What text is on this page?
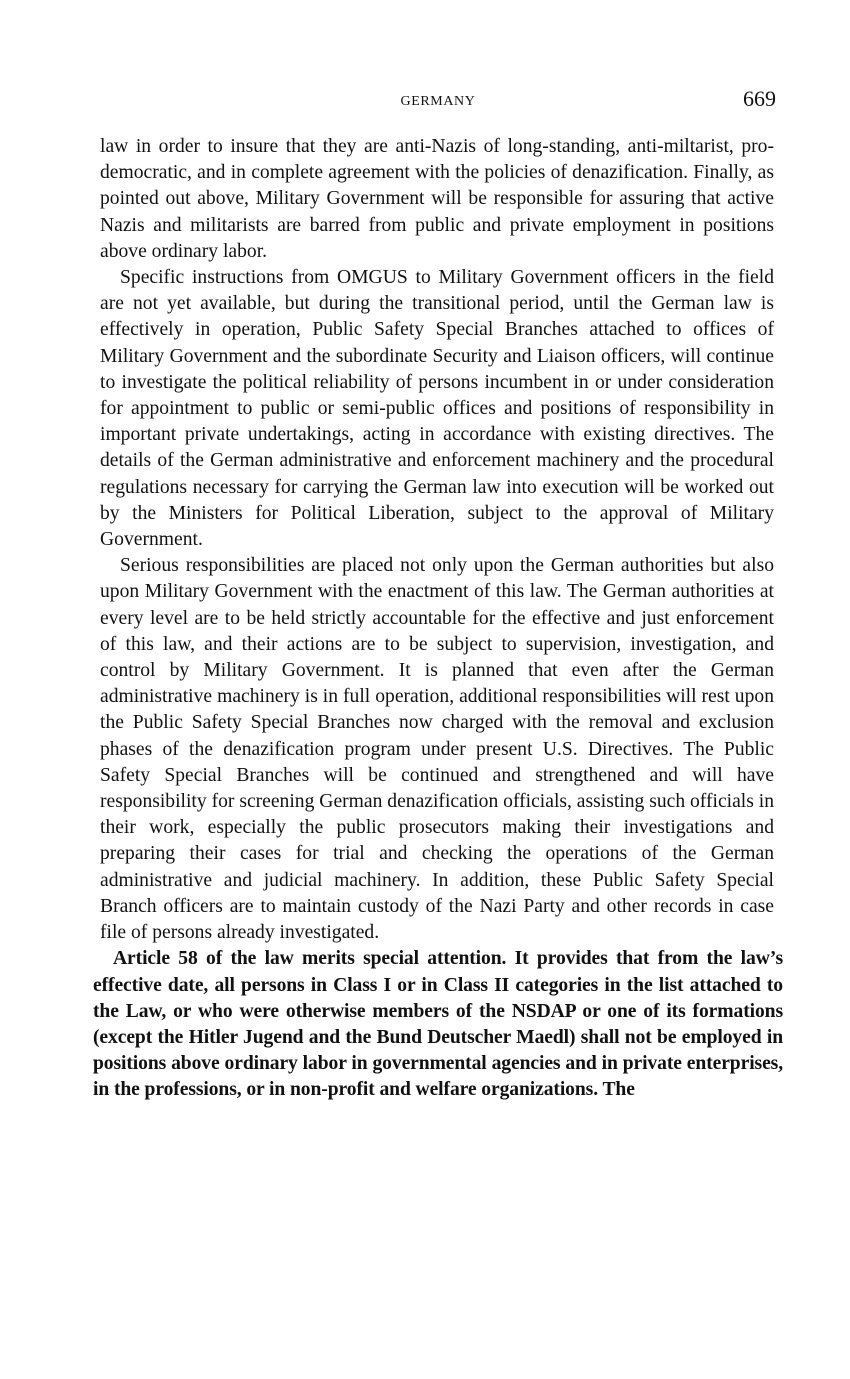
GERMANY	669

law in order to insure that they are anti-Nazis of long-standing, anti-miltarist, pro-democratic, and in complete agreement with the policies of denazification. Finally, as pointed out above, Military Government will be responsible for assuring that active Nazis and militarists are barred from public and private employment in positions above ordinary labor.

Specific instructions from OMGUS to Military Government officers in the field are not yet available, but during the transitional period, until the German law is effectively in operation, Public Safety Special Branches attached to offices of Military Government and the subordinate Security and Liaison officers, will continue to investigate the political reliability of persons incumbent in or under consideration for appointment to public or semi-public offices and positions of responsibility in important private undertakings, acting in accordance with existing directives. The details of the German administrative and enforcement machinery and the procedural regulations necessary for carrying the German law into execution will be worked out by the Ministers for Political Liberation, subject to the approval of Military Government.

Serious responsibilities are placed not only upon the German authorities but also upon Military Government with the enactment of this law. The German authorities at every level are to be held strictly accountable for the effective and just enforcement of this law, and their actions are to be subject to supervision, investigation, and control by Military Government. It is planned that even after the German administrative machinery is in full operation, additional responsibilities will rest upon the Public Safety Special Branches now charged with the removal and exclusion phases of the denazification program under present U.S. Directives. The Public Safety Special Branches will be continued and strengthened and will have responsibility for screening German denazification officials, assisting such officials in their work, especially the public prosecutors making their investigations and preparing their cases for trial and checking the operations of the German administrative and judicial machinery. In addition, these Public Safety Special Branch officers are to maintain custody of the Nazi Party and other records in case file of persons already investigated.

Article 58 of the law merits special attention. It provides that from the law’s effective date, all persons in Class I or in Class II categories in the list attached to the Law, or who were otherwise members of the NSDAP or one of its formations (except the Hitler Jugend and the Bund Deutscher Maedl) shall not be employed in positions above ordinary labor in governmental agencies and in private enterprises, in the professions, or in non-profit and welfare organizations. The
